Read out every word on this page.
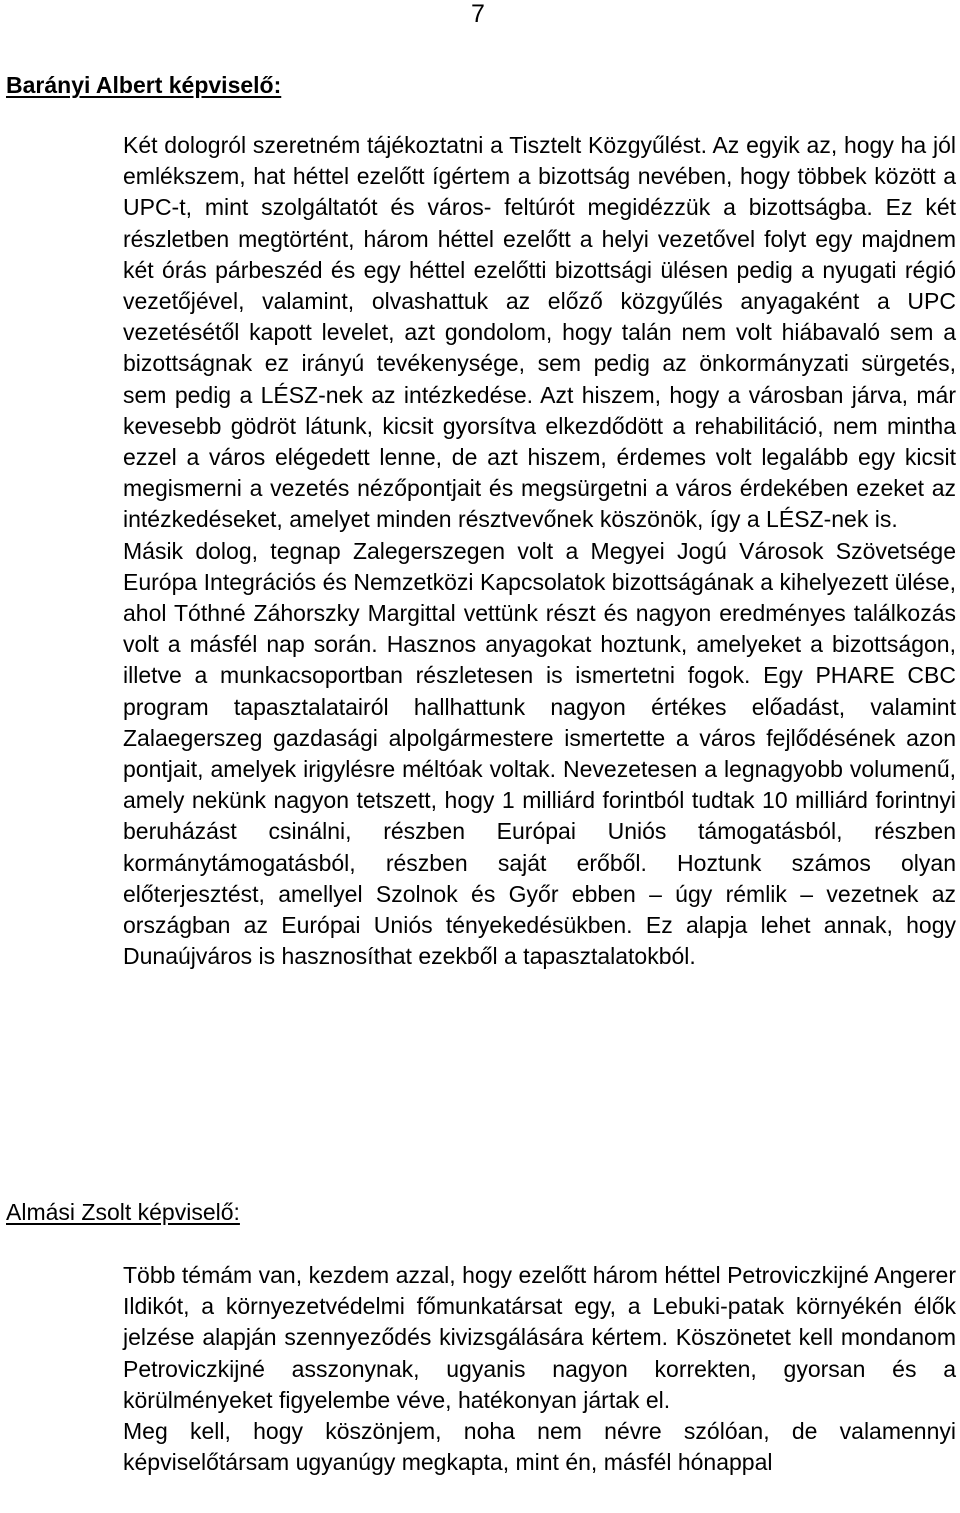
7
Barányi Albert képviselő:

Két dologról szeretném tájékoztatni a Tisztelt Közgyűlést. Az egyik az, hogy ha jól emlékszem, hat héttel ezelőtt ígértem a bizottság nevében, hogy többek között a UPC-t, mint szolgáltatót és város- feltúrót megidézzük a bizottságba. Ez két részletben megtörtént, három héttel ezelőtt a helyi vezetővel folyt egy majdnem két órás párbeszéd és egy héttel ezelőtti bizottsági ülésen pedig a nyugati régió vezetőjével, valamint, olvashattuk az előző közgyűlés anyagaként a UPC vezetésétől kapott levelet, azt gondolom, hogy talán nem volt hiábavaló sem a bizottságnak ez irányú tevékenysége, sem pedig az önkormányzati sürgetés, sem pedig a LÉSZ-nek az intézkedése. Azt hiszem, hogy a városban járva, már kevesebb gödröt látunk, kicsit gyorsítva elkezdődött a rehabilitáció, nem mintha ezzel a város elégedett lenne, de azt hiszem, érdemes volt legalább egy kicsit megismerni a vezetés nézőpontjait és megsürgetni a város érdekében ezeket az intézkedéseket, amelyet minden résztvevőnek köszönök, így a LÉSZ-nek is.

Másik dolog, tegnap Zalegerszegen volt a Megyei Jogú Városok Szövetsége Európa Integrációs és Nemzetközi Kapcsolatok bizottságának a kihelyezett ülése, ahol Tóthné Záhorszky Margittal vettünk részt és nagyon eredményes találkozás volt a másfél nap során. Hasznos anyagokat hoztunk, amelyeket a bizottságon, illetve a munkacsoportban részletesen is ismertetni fogok. Egy PHARE CBC program tapasztalatairól hallhattunk nagyon értékes előadást, valamint Zalaegerszeg gazdasági alpolgármestere ismertette a város fejlődésének azon pontjait, amelyek irigylésre méltóak voltak. Nevezetesen a legnagyobb volumenű, amely nekünk nagyon tetszett, hogy 1 milliárd forintból tudtak 10 milliárd forintnyi beruházást csinálni, részben Európai Uniós támogatásból, részben kormánytámogatásból, részben saját erőből. Hoztunk számos olyan előterjesztést, amellyel Szolnok és Győr ebben – úgy rémlik – vezetnek az országban az Európai Uniós tényekedésükben. Ez alapja lehet annak, hogy Dunaújváros is hasznosíthat ezekből a tapasztalatokból.

Almási Zsolt képviselő:

Több témám van, kezdem azzal, hogy ezelőtt három héttel Petroviczkijné Angerer Ildikót, a környezetvédelmi főmunkatársat egy, a Lebuki-patak környékén élők jelzése alapján szennyeződés kivizsgálására kértem. Köszönetet kell mondanom Petroviczkijné asszonynak, ugyanis nagyon korrekten, gyorsan és a körülményeket figyelembe véve, hatékonyan jártak el.

Meg kell, hogy köszönjem, noha nem névre szólóan, de valamennyi képviselőtársam ugyanúgy megkapta, mint én, másfél hónappal
